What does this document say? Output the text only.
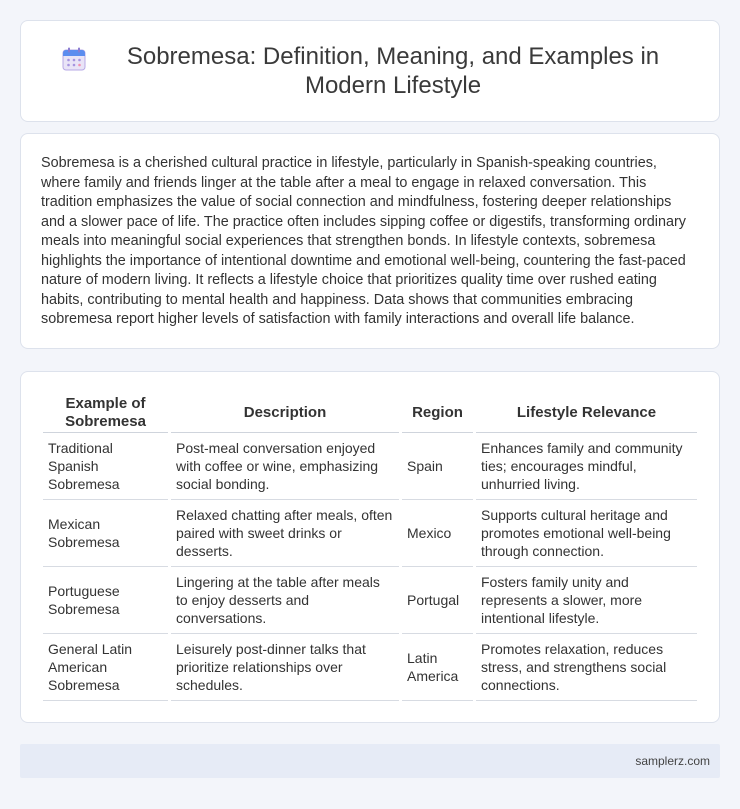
Sobremesa: Definition, Meaning, and Examples in Modern Lifestyle

Sobremesa is a cherished cultural practice in lifestyle, particularly in Spanish-speaking countries, where family and friends linger at the table after a meal to engage in relaxed conversation. This tradition emphasizes the value of social connection and mindfulness, fostering deeper relationships and a slower pace of life. The practice often includes sipping coffee or digestifs, transforming ordinary meals into meaningful social experiences that strengthen bonds. In lifestyle contexts, sobremesa highlights the importance of intentional downtime and emotional well-being, countering the fast-paced nature of modern living. It reflects a lifestyle choice that prioritizes quality time over rushed eating habits, contributing to mental health and happiness. Data shows that communities embracing sobremesa report higher levels of satisfaction with family interactions and overall life balance.

Example of Sobremesa	Description	Region	Lifestyle Relevance
Traditional Spanish Sobremesa	Post-meal conversation enjoyed with coffee or wine, emphasizing social bonding.	Spain	Enhances family and community ties; encourages mindful, unhurried living.
Mexican Sobremesa	Relaxed chatting after meals, often paired with sweet drinks or desserts.	Mexico	Supports cultural heritage and promotes emotional well-being through connection.
Portuguese Sobremesa	Lingering at the table after meals to enjoy desserts and conversations.	Portugal	Fosters family unity and represents a slower, more intentional lifestyle.
General Latin American Sobremesa	Leisurely post-dinner talks that prioritize relationships over schedules.	Latin America	Promotes relaxation, reduces stress, and strengthens social connections.
samplerz.com
